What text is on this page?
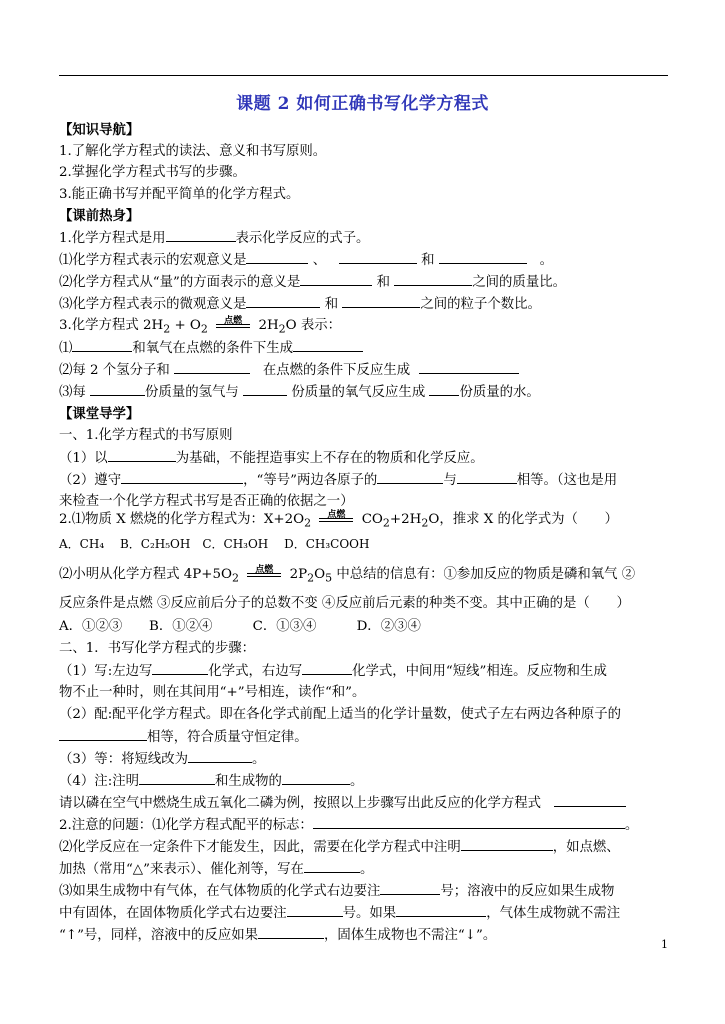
课题 2 如何正确书写化学方程式
【知识导航】
1.了解化学方程式的读法、意义和书写原则。
2.掌握化学方程式书写的步骤。
3.能正确书写并配平简单的化学方程式。
【课前热身】
1.化学方程式是用	表示化学反应的式子。
⑴化学方程式表示的宏观意义是	、	和	。
⑵化学方程式从“量”的方面表示的意义是	和	之间的质量比。
⑶化学方程式表示的微观意义是	和	之间的粒子个数比。
3.化学方程式 $2H_2 + O_2$
点燃	$2H_2O$ 表示：
⑴	和氧气在点燃的条件下生成
⑵每 2 个氢分子和	在点燃的条件下反应生成
⑶每	份质量的氢气与	份质量的氧气反应生成	份质量的水。
【课堂导学】
一、1.化学方程式的书写原则
（1）以	为基础，不能捏造事实上不存在的物质和化学反应。
（2）遵守	，“等号”两边各原子的	与	相等。（这也是用
来检查一个化学方程式书写是否正确的依据之一）
2.⑴物质 X 燃烧的化学方程式为：$X+2O_2$
点燃	$CO_2+2H_2O$，推求 X 的化学式为（　　）
A．CH₄　 B．C₂H₅OH　C．CH₃OH　 D．CH₃COOH
⑵小明从化学方程式 $4P+5O_2$
点燃	$2P_2O_5$ 中总结的信息有：①参加反应的物质是磷和氧气 ②
反应条件是点燃 ③反应前后分子的总数不变 ④反应前后元素的种类不变。其中正确的是（　　）
A．①②③　　B．①②④　　　C．①③④　　　D．②③④
二、1．书写化学方程式的步骤：
（1）写:左边写	化学式，右边写	化学式，中间用“短线”相连。反应物和生成
物不止一种时，则在其间用“+”号相连，读作“和”。
（2）配:配平化学方程式。即在各化学式前配上适当的化学计量数，使式子左右两边各种原子的
相等，符合质量守恒定律。
（3）等：将短线改为	。
（4）注:注明	和生成物的	。
请以磷在空气中燃烧生成五氧化二磷为例，按照以上步骤写出此反应的化学方程式
2.注意的问题：⑴化学方程式配平的标志：	。
⑵化学反应在一定条件下才能发生，因此，需要在化学方程式中注明	，如点燃、
加热（常用“△”来表示）、催化剂等，写在	。
⑶如果生成物中有气体，在气体物质的化学式右边要注	号；溶液中的反应如果生成物
中有固体，在固体物质化学式右边要注	号。如果	，气体生成物就不需注
“↑”号，同样，溶液中的反应如果	，固体生成物也不需注“↓”。
1
